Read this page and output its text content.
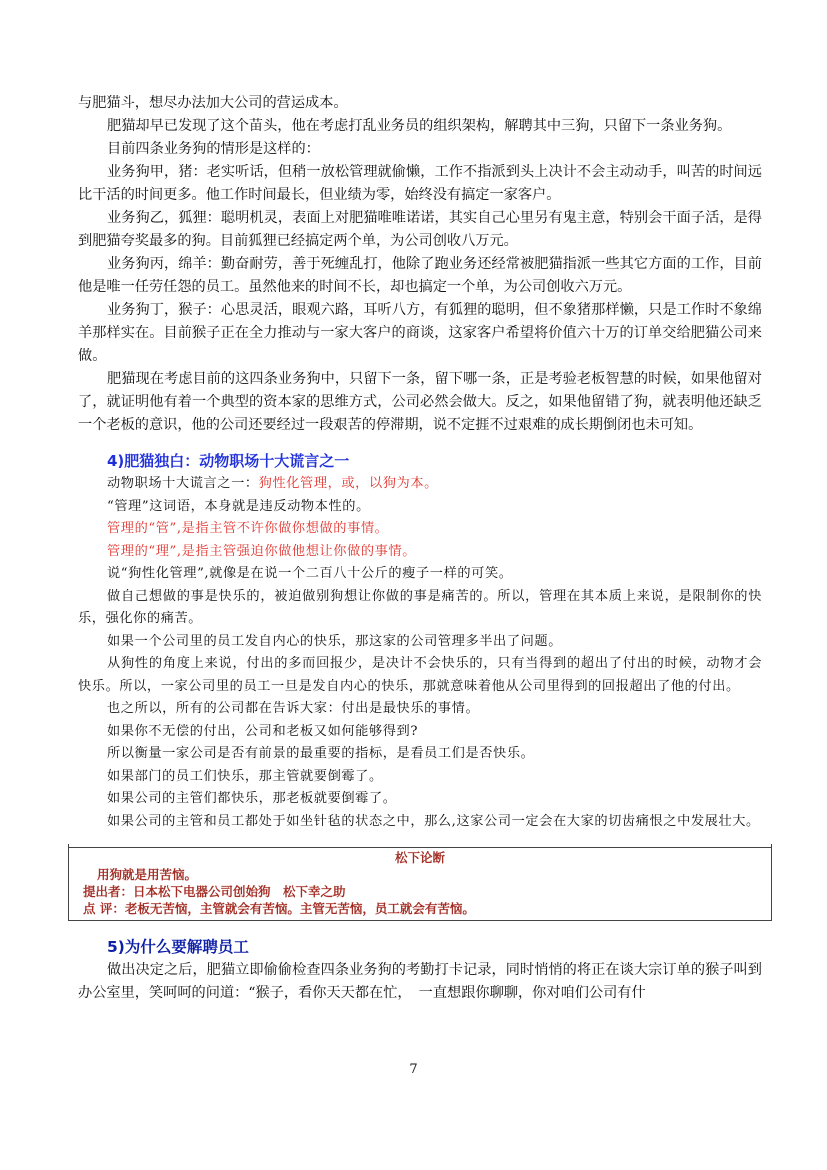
与肥猫斗，想尽办法加大公司的营运成本。

肥猫却早已发现了这个苗头，他在考虑打乱业务员的组织架构，解聘其中三狗，只留下一条业务狗。

目前四条业务狗的情形是这样的：

业务狗甲，猪：老实听话，但稍一放松管理就偷懒，工作不指派到头上决计不会主动动手，叫苦的时间远比干活的时间更多。他工作时间最长，但业绩为零，始终没有搞定一家客户。

业务狗乙，狐狸：聪明机灵，表面上对肥猫唯唯诺诺，其实自己心里另有鬼主意，特别会干面子活，是得到肥猫夸奖最多的狗。目前狐狸已经搞定两个单，为公司创收八万元。

业务狗丙，绵羊：勤奋耐劳，善于死缠乱打，他除了跑业务还经常被肥猫指派一些其它方面的工作，目前他是唯一任劳任怨的员工。虽然他来的时间不长，却也搞定一个单，为公司创收六万元。

业务狗丁，猴子：心思灵活，眼观六路，耳听八方，有狐狸的聪明，但不象猪那样懒，只是工作时不象绵羊那样实在。目前猴子正在全力推动与一家大客户的商谈，这家客户希望将价值六十万的订单交给肥猫公司来做。

肥猫现在考虑目前的这四条业务狗中，只留下一条，留下哪一条，正是考验老板智慧的时候，如果他留对了，就证明他有着一个典型的资本家的思维方式，公司必然会做大。反之，如果他留错了狗，就表明他还缺乏一个老板的意识，他的公司还要经过一段艰苦的停滞期，说不定捱不过艰难的成长期倒闭也未可知。

4)肥猫独白：动物职场十大谎言之一

动物职场十大谎言之一：狗性化管理，或，以狗为本。

“管理”这词语，本身就是违反动物本性的。

管理的“管”,是指主管不许你做你想做的事情。

管理的“理”,是指主管强迫你做他想让你做的事情。

说“狗性化管理”,就像是在说一个二百八十公斤的瘦子一样的可笑。

做自己想做的事是快乐的，被迫做别狗想让你做的事是痛苦的。所以，管理在其本质上来说，是限制你的快乐，强化你的痛苦。

如果一个公司里的员工发自内心的快乐，那这家的公司管理多半出了问题。

从狗性的角度上来说，付出的多而回报少，是决计不会快乐的，只有当得到的超出了付出的时候，动物才会快乐。所以，一家公司里的员工一旦是发自内心的快乐，那就意味着他从公司里得到的回报超出了他的付出。

也之所以，所有的公司都在告诉大家：付出是最快乐的事情。

如果你不无偿的付出，公司和老板又如何能够得到?

所以衡量一家公司是否有前景的最重要的指标，是看员工们是否快乐。

如果部门的员工们快乐，那主管就要倒霉了。

如果公司的主管们都快乐，那老板就要倒霉了。

如果公司的主管和员工都处于如坐针毡的状态之中，那么,这家公司一定会在大家的切齿痛恨之中发展壮大。

松下论断
用狗就是用苦恼。
提出者：日本松下电器公司创始狗　松下幸之助
点 评：老板无苦恼，主管就会有苦恼。主管无苦恼，员工就会有苦恼。
5)为什么要解聘员工

做出决定之后，肥猫立即偷偷检查四条业务狗的考勤打卡记录，同时悄悄的将正在谈大宗订单的猴子叫到办公室里，笑呵呵的问道：“猴子，看你天天都在忙，　一直想跟你聊聊，你对咱们公司有什

7
